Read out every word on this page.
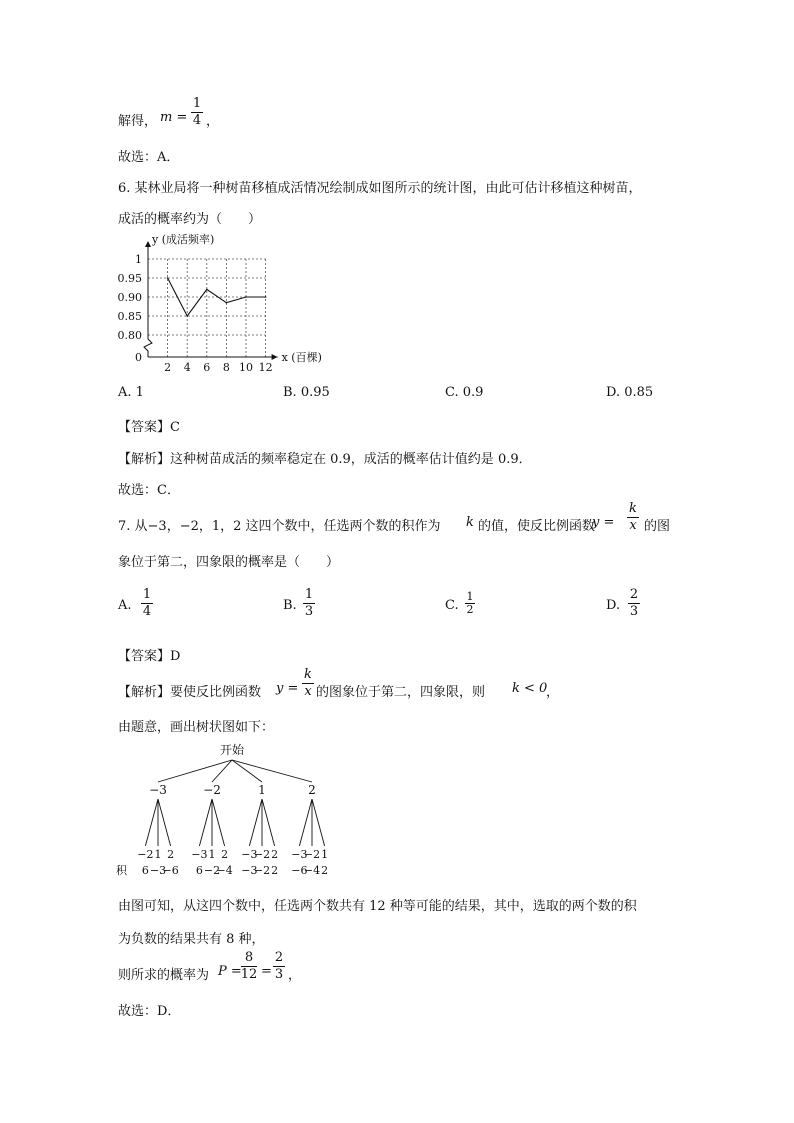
解得， m =
1
4 ，
故选：A．
6. 某林业局将一种树苗移植成活情况绘制成如图所示的统计图，由此可估计移植这种树苗，
成活的概率约为（　　）
0.80
0.85
0.90
0.95
1
2 4 6 8 10 12
0
y (成活频率)
x (百棵)
A. 1	B. 0.95	C. 0.9	D. 0.85
【答案】C
【解析】这种树苗成活的频率稳定在 0.9，成活的概率估计值约是 0.9．
故选：C．
7. 从−3，−2，1，2 这四个数中，任选两个数的积作为 k 的值，使反比例函数
y =
k
x 的图
象位于第二，四象限的概率是（　　）
A.
1
4	B.
1
3	C.
1
2	D.
2
3
【答案】D
【解析】要使反比例函数 y =
k
x 的图象位于第二，四象限，则 k < 0
，
由题意，画出树状图如下：
开始
−3
−2
6
1
−3
2
−6
−2
−3
6
1
−2
2
−4
1
−3
−3
−2
−2
2
2
2
−3
−6
−2
−4
1
2
积
由图可知，从这四个数中，任选两个数共有 12 种等可能的结果，其中，选取的两个数的积
为负数的结果共有 8 种，
则所求的概率为 P =
8
12 =
2
3 ，
故选：D．
